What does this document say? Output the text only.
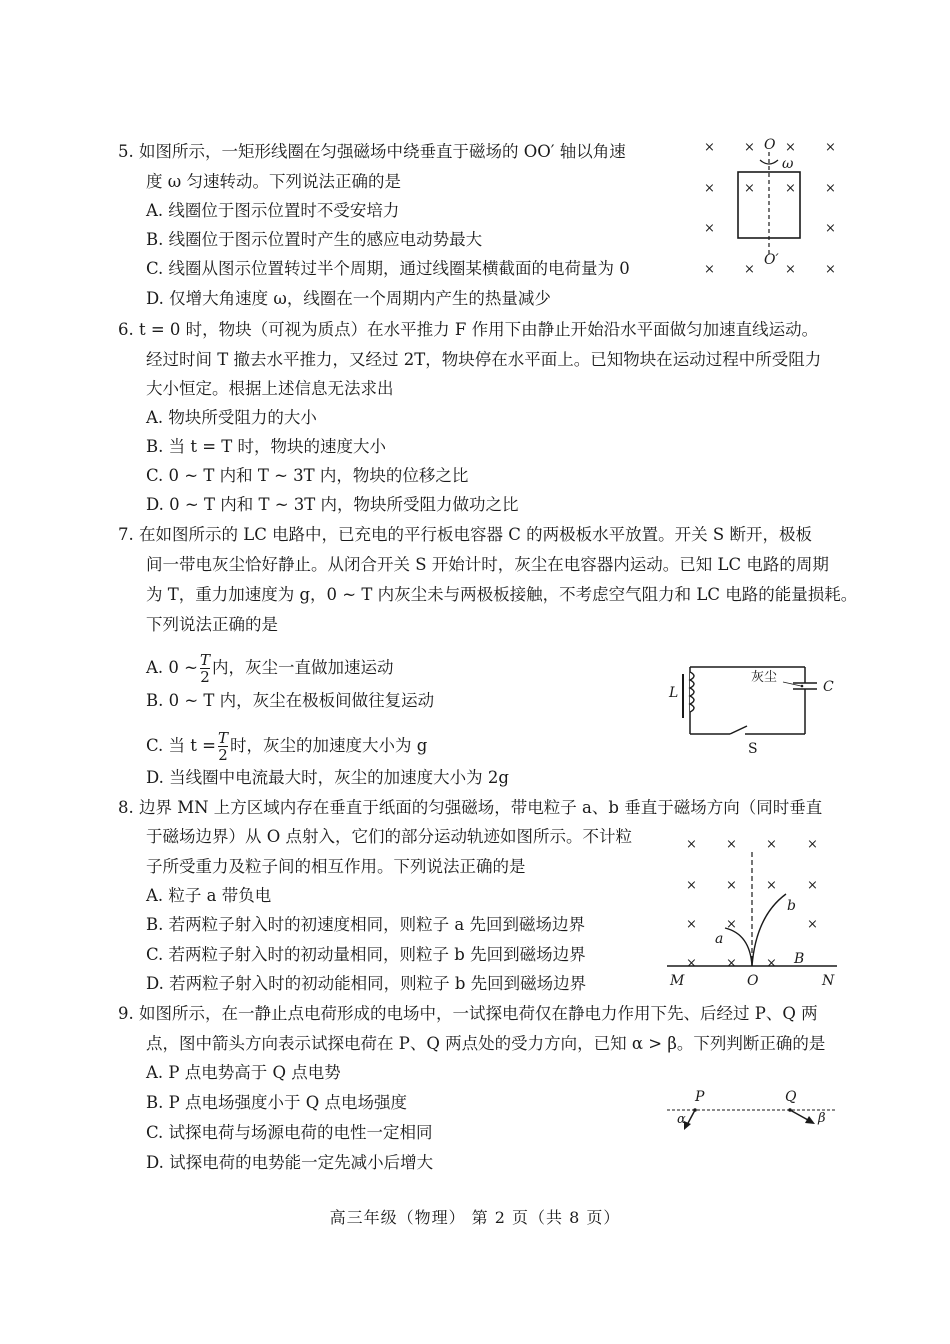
5. 如图所示，一矩形线圈在匀强磁场中绕垂直于磁场的 OO′ 轴以角速
度 ω 匀速转动。下列说法正确的是
A. 线圈位于图示位置时不受安培力
B. 线圈位于图示位置时产生的感应电动势最大
C. 线圈从图示位置转过半个周期，通过线圈某横截面的电荷量为 0
D. 仅增大角速度 ω，线圈在一个周期内产生的热量减少
× × × ×
× × × ×
×	×
× × × ×
O
O′
ω
6. t = 0 时，物块（可视为质点）在水平推力 F 作用下由静止开始沿水平面做匀加速直线运动。
经过时间 T 撤去水平推力，又经过 2T，物块停在水平面上。已知物块在运动过程中所受阻力
大小恒定。根据上述信息无法求出
A. 物块所受阻力的大小
B. 当 t = T 时，物块的速度大小
C. 0 ~ T 内和 T ~ 3T 内，物块的位移之比
D. 0 ~ T 内和 T ~ 3T 内，物块所受阻力做功之比
7. 在如图所示的 LC 电路中，已充电的平行板电容器 C 的两极板水平放置。开关 S 断开，极板
间一带电灰尘恰好静止。从闭合开关 S 开始计时，灰尘在电容器内运动。已知 LC 电路的周期
为 T，重力加速度为 g，0 ~ T 内灰尘未与两极板接触，不考虑空气阻力和 LC 电路的能量损耗。
下列说法正确的是
A. 0 ~ $\frac{T}{2}$ 内，灰尘一直做加速运动
B. 0 ~ T 内，灰尘在极板间做往复运动
C. 当 $t = \frac{T}{2}$ 时，灰尘的加速度大小为 g
D. 当线圈中电流最大时，灰尘的加速度大小为 2g
灰尘
C
L
S
8. 边界 MN 上方区域内存在垂直于纸面的匀强磁场，带电粒子 a、b 垂直于磁场方向（同时垂直
于磁场边界）从 O 点射入，它们的部分运动轨迹如图所示。不计粒
子所受重力及粒子间的相互作用。下列说法正确的是
A. 粒子 a 带负电
B. 若两粒子射入时的初速度相同，则粒子 a 先回到磁场边界
C. 若两粒子射入时的初动量相同，则粒子 b 先回到磁场边界
D. 若两粒子射入时的初动能相同，则粒子 b 先回到磁场边界
× × × ×
× × × ×
× ×	×
× × ×
a
b
B
M	O	N
9. 如图所示，在一静止点电荷形成的电场中，一试探电荷仅在静电力作用下先、后经过 P、Q 两
点，图中箭头方向表示试探电荷在 P、Q 两点处的受力方向，已知 α > β。下列判断正确的是
A. P 点电势高于 Q 点电势
B. P 点电场强度小于 Q 点电场强度
C. 试探电荷与场源电荷的电性一定相同
D. 试探电荷的电势能一定先减小后增大
P	Q
α	β
高三年级（物理） 第 2 页（共 8 页）
